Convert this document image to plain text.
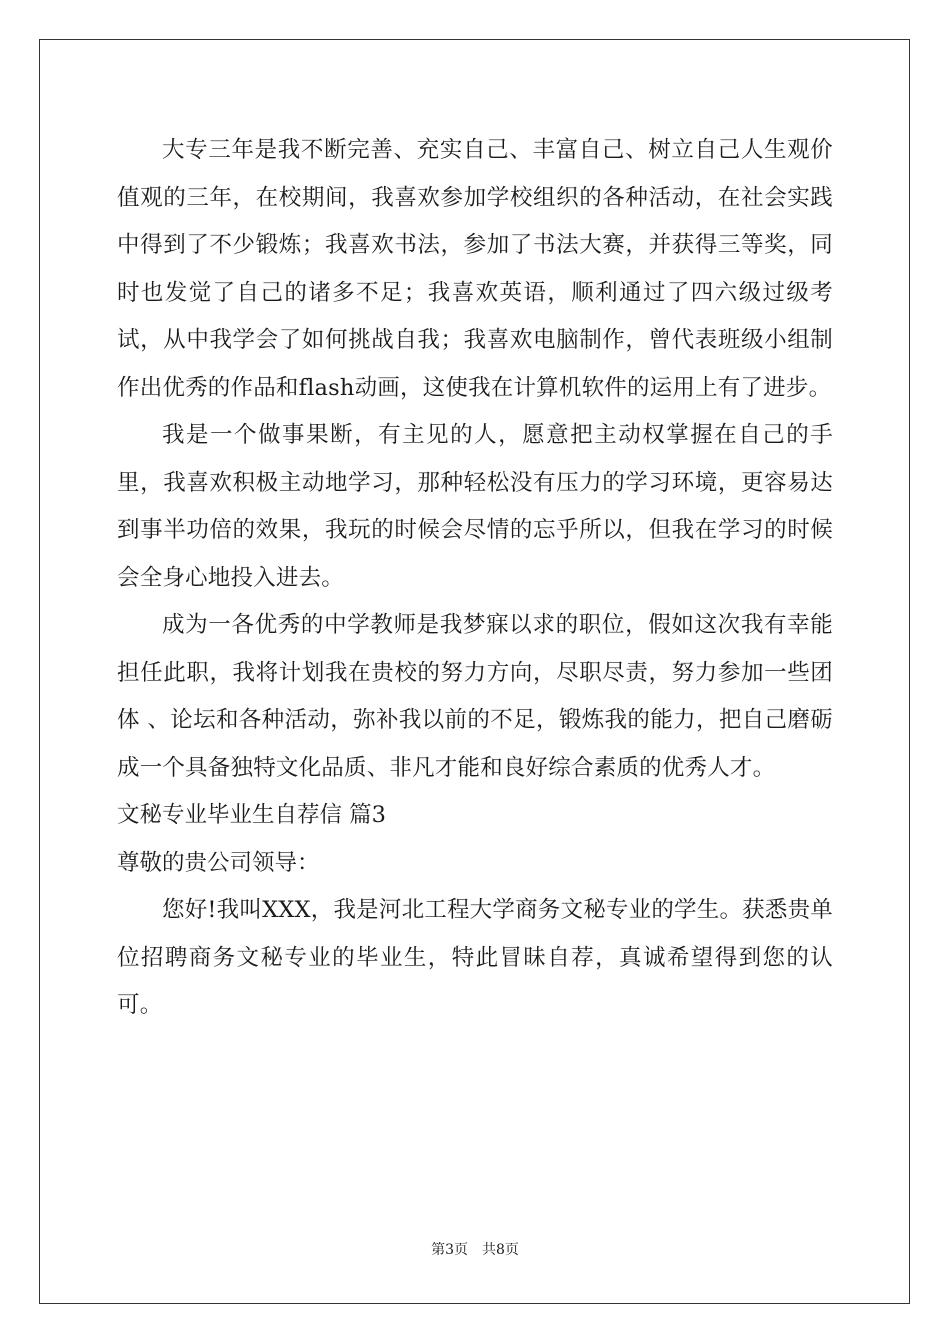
大专三年是我不断完善、充实自己、丰富自己、树立自己人生观价值观的三年，在校期间，我喜欢参加学校组织的各种活动，在社会实践中得到了不少锻炼；我喜欢书法，参加了书法大赛，并获得三等奖，同时也发觉了自己的诸多不足；我喜欢英语，顺利通过了四六级过级考试，从中我学会了如何挑战自我；我喜欢电脑制作，曾代表班级小组制作出优秀的作品和flash动画，这使我在计算机软件的运用上有了进步。

我是一个做事果断，有主见的人，愿意把主动权掌握在自己的手里，我喜欢积极主动地学习，那种轻松没有压力的学习环境，更容易达到事半功倍的效果，我玩的时候会尽情的忘乎所以，但我在学习的时候会全身心地投入进去。

成为一各优秀的中学教师是我梦寐以求的职位，假如这次我有幸能担任此职，我将计划我在贵校的努力方向，尽职尽责，努力参加一些团体 、论坛和各种活动，弥补我以前的不足，锻炼我的能力，把自己磨砺成一个具备独特文化品质、非凡才能和良好综合素质的优秀人才。

文秘专业毕业生自荐信 篇3

尊敬的贵公司领导：

您好!我叫XXX，我是河北工程大学商务文秘专业的学生。获悉贵单位招聘商务文秘专业的毕业生，特此冒昧自荐，真诚希望得到您的认可。

第3页 共8页
